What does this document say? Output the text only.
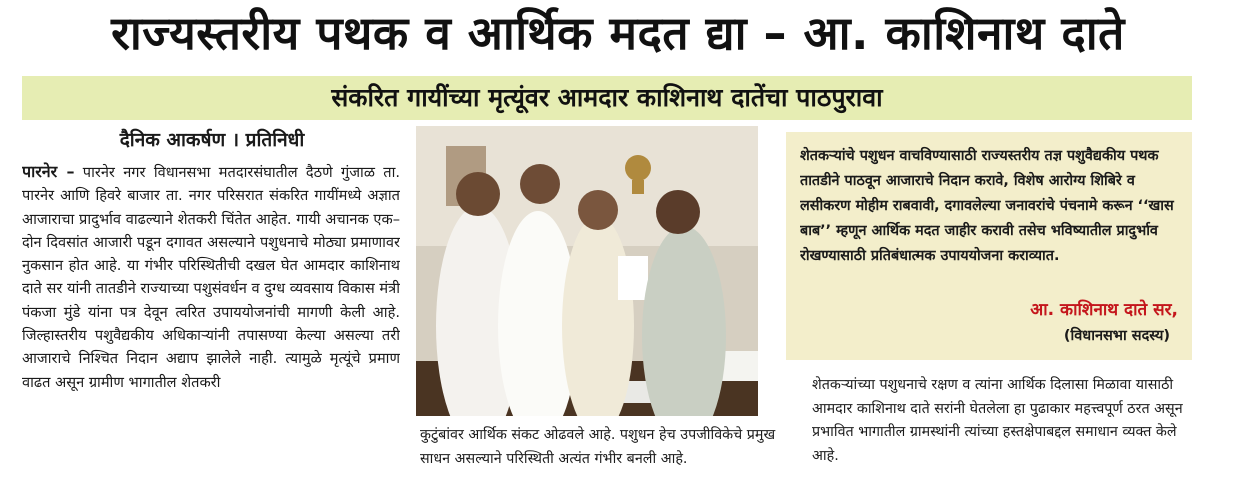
राज्यस्तरीय पथक व आर्थिक मदत द्या – आ. काशिनाथ दाते
संकरित गायींच्या मृत्यूंवर आमदार काशिनाथ दातेंचा पाठपुरावा
दैनिक आकर्षण । प्रतिनिधी
पारनेर – पारनेर नगर विधानसभा मतदारसंघातील दैठणे गुंजाळ ता. पारनेर आणि हिवरे बाजार ता. नगर परिसरात संकरित गायींमध्ये अज्ञात आजाराचा प्रादुर्भाव वाढल्याने शेतकरी चिंतेत आहेत. गायी अचानक एक–दोन दिवसांत आजारी पडून दगावत असल्याने पशुधनाचे मोठ्या प्रमाणावर नुकसान होत आहे. या गंभीर परिस्थितीची दखल घेत आमदार काशिनाथ दाते सर यांनी तातडीने राज्याच्या पशुसंवर्धन व दुग्ध व्यवसाय विकास मंत्री पंकजा मुंडे यांना पत्र देवून त्वरित उपाययोजनांची मागणी केली आहे. जिल्हास्तरीय पशुवैद्यकीय अधिकाऱ्यांनी तपासण्या केल्या असल्या तरी आजाराचे निश्चित निदान अद्याप झालेले नाही. त्यामुळे मृत्यूंचे प्रमाण वाढत असून ग्रामीण भागातील शेतकरी
कुटुंबांवर आर्थिक संकट ओढवले आहे. पशुधन हेच उपजीविकेचे प्रमुख साधन असल्याने परिस्थिती अत्यंत गंभीर बनली आहे.
शेतकऱ्यांचे पशुधन वाचविण्यासाठी राज्यस्तरीय तज्ञ पशुवैद्यकीय पथक तातडीने पाठवून आजाराचे निदान करावे, विशेष आरोग्य शिबिरे व लसीकरण मोहीम राबवावी, दगावलेल्या जनावरांचे पंचनामे करून ‘‘खास बाब’’ म्हणून आर्थिक मदत जाहीर करावी तसेच भविष्यातील प्रादुर्भाव रोखण्यासाठी प्रतिबंधात्मक उपाययोजना कराव्यात.
आ. काशिनाथ दाते सर,
(विधानसभा सदस्य)
शेतकऱ्यांच्या पशुधनाचे रक्षण व त्यांना आर्थिक दिलासा मिळावा यासाठी आमदार काशिनाथ दाते सरांनी घेतलेला हा पुढाकार महत्त्वपूर्ण ठरत असून प्रभावित भागातील ग्रामस्थांनी त्यांच्या हस्तक्षेपाबद्दल समाधान व्यक्त केले आहे.
